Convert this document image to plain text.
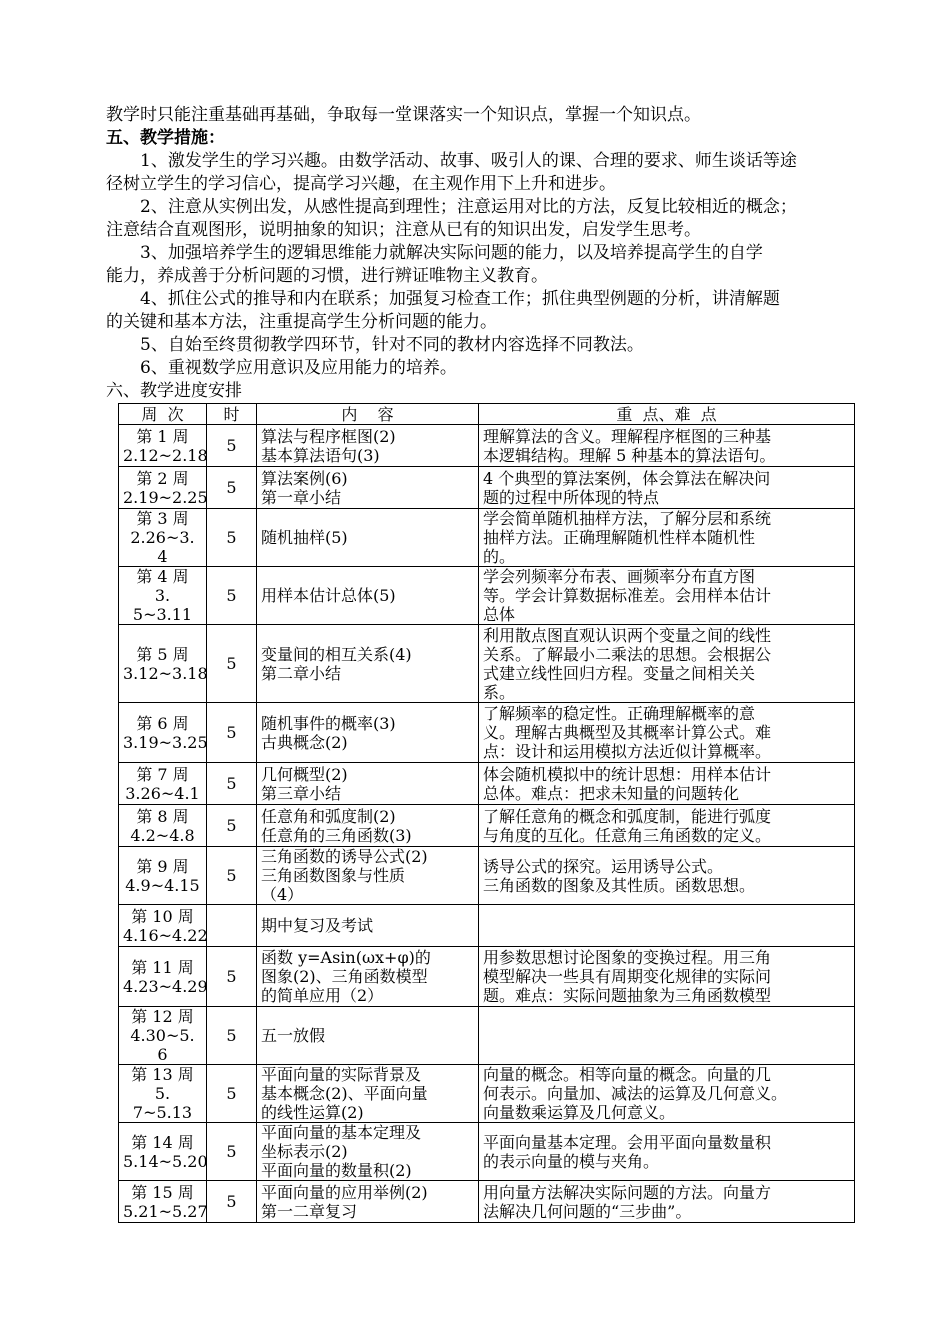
教学时只能注重基础再基础，争取每一堂课落实一个知识点，掌握一个知识点。
五、教学措施：
1、激发学生的学习兴趣。由数学活动、故事、吸引人的课、合理的要求、师生谈话等途
径树立学生的学习信心，提高学习兴趣，在主观作用下上升和进步。
2、注意从实例出发，从感性提高到理性；注意运用对比的方法，反复比较相近的概念；
注意结合直观图形，说明抽象的知识；注意从已有的知识出发，启发学生思考。
3、加强培养学生的逻辑思维能力就解决实际问题的能力，以及培养提高学生的自学
能力，养成善于分析问题的习惯，进行辨证唯物主义教育。
4、抓住公式的推导和内在联系；加强复习检查工作；抓住典型例题的分析，讲清解题
的关键和基本方法，注重提高学生分析问题的能力。
5、自始至终贯彻教学四环节，针对不同的教材内容选择不同教法。
6、重视数学应用意识及应用能力的培养。
六、教学进度安排
周  次	时	内    容	重  点、难  点

第 1 周
2.12~2.18	5	算法与程序框图(2)
基本算法语句(3)	理解算法的含义。理解程序框图的三种基
本逻辑结构。理解 5 种基本的算法语句。

第 2 周
2.19~2.25	5	算法案例(6)
第一章小结	4 个典型的算法案例，体会算法在解决问
题的过程中所体现的特点

第 3 周
2.26~3. 4	5	随机抽样(5)	学会简单随机抽样方法，了解分层和系统
抽样方法。正确理解随机性样本随机性
的。

第 4 周
3. 5~3.11	5	用样本估计总体(5)	学会列频率分布表、画频率分布直方图
等。学会计算数据标准差。会用样本估计
总体

第 5 周
3.12~3.18	5	变量间的相互关系(4)
第二章小结	利用散点图直观认识两个变量之间的线性
关系。了解最小二乘法的思想。会根据公
式建立线性回归方程。变量之间相关关
系。

第 6 周
3.19~3.25	5	随机事件的概率(3)
古典概念(2)	了解频率的稳定性。正确理解概率的意
义。理解古典概型及其概率计算公式。难
点：设计和运用模拟方法近似计算概率。

第 7 周
3.26~4.1	5	几何概型(2)
第三章小结	体会随机模拟中的统计思想：用样本估计
总体。难点：把求未知量的问题转化

第 8 周
4.2~4.8	5	任意角和弧度制(2)
任意角的三角函数(3)	了解任意角的概念和弧度制，能进行弧度
与角度的互化。任意角三角函数的定义。

第 9 周
4.9~4.15	5	三角函数的诱导公式(2)
三角函数图象与性质
（4）	诱导公式的探究。运用诱导公式。
三角函数的图象及其性质。函数思想。

第 10 周
4.16~4.22		期中复习及考试	

第 11 周
4.23~4.29	5	函数 y=Asin(ωx+φ)的
图象(2)、三角函数模型
的简单应用（2）	用参数思想讨论图象的变换过程。用三角
模型解决一些具有周期变化规律的实际问
题。难点：实际问题抽象为三角函数模型

第 12 周
4.30~5. 6	5	五一放假	

第 13 周
5. 7~5.13	5	平面向量的实际背景及
基本概念(2)、平面向量
的线性运算(2)	向量的概念。相等向量的概念。向量的几
何表示。向量加、减法的运算及几何意义。
向量数乘运算及几何意义。

第 14 周
5.14~5.20	5	平面向量的基本定理及
坐标表示(2)
平面向量的数量积(2)	平面向量基本定理。会用平面向量数量积
的表示向量的模与夹角。

第 15 周
5.21~5.27	5	平面向量的应用举例(2)
第一二章复习	用向量方法解决实际问题的方法。向量方
法解决几何问题的“三步曲”。
